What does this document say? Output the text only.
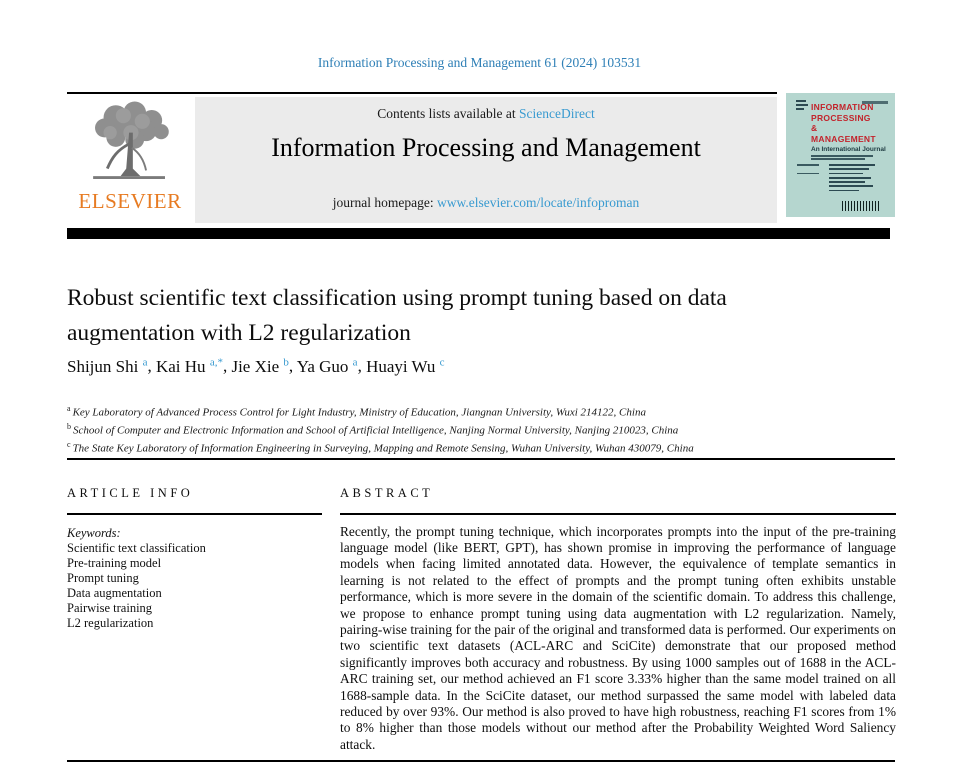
Information Processing and Management 61 (2024) 103531
ELSEVIER
Contents lists available at ScienceDirect
Information Processing and Management
journal homepage: www.elsevier.com/locate/infoproman
INFORMATION
PROCESSING
&
MANAGEMENT
An International Journal
Robust scientific text classification using prompt tuning based on data augmentation with L2 regularization
Shijun Shi $^a$, Kai Hu $^{a,*}$, Jie Xie $^b$, Ya Guo $^a$, Huayi Wu $^c$
$^a$ Key Laboratory of Advanced Process Control for Light Industry, Ministry of Education, Jiangnan University, Wuxi 214122, China
$^b$ School of Computer and Electronic Information and School of Artificial Intelligence, Nanjing Normal University, Nanjing 210023, China
$^c$ The State Key Laboratory of Information Engineering in Surveying, Mapping and Remote Sensing, Wuhan University, Wuhan 430079, China
ARTICLE INFO
Keywords:
Scientific text classification
Pre-training model
Prompt tuning
Data augmentation
Pairwise training
L2 regularization
ABSTRACT

Recently, the prompt tuning technique, which incorporates prompts into the input of the pre-training language model (like BERT, GPT), has shown promise in improving the performance of language models when facing limited annotated data. However, the equivalence of template semantics in learning is not related to the effect of prompts and the prompt tuning often exhibits unstable performance, which is more severe in the domain of the scientific domain. To address this challenge, we propose to enhance prompt tuning using data augmentation with L2 regularization. Namely, pairing-wise training for the pair of the original and transformed data is performed. Our experiments on two scientific text datasets (ACL-ARC and SciCite) demonstrate that our proposed method significantly improves both accuracy and robustness. By using 1000 samples out of 1688 in the ACL-ARC training set, our method achieved an F1 score 3.33% higher than the same model trained on all 1688-sample data. In the SciCite dataset, our method surpassed the same model with labeled data reduced by over 93%. Our method is also proved to have high robustness, reaching F1 scores from 1% to 8% higher than those models without our method after the Probability Weighted Word Saliency attack.
